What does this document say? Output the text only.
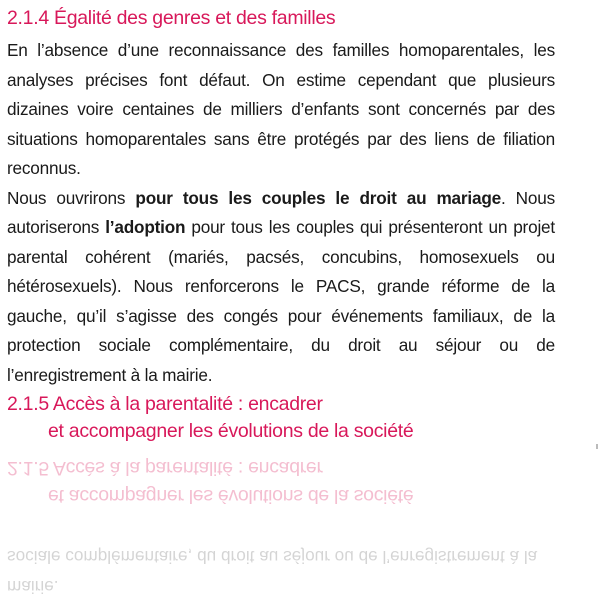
2.1.4 Égalité des genres et des familles

En l’absence d’une reconnaissance des familles homoparentales, les analyses précises font défaut. On estime cependant que plusieurs dizaines voire centaines de milliers d’enfants sont concernés par des situations homoparentales sans être protégés par des liens de filiation reconnus.

Nous ouvrirons pour tous les couples le droit au mariage. Nous autoriserons l’adoption pour tous les couples qui présenteront un projet parental cohérent (mariés, pacsés, concubins, homosexuels ou hétérosexuels). Nous renforcerons le PACS, grande réforme de la gauche, qu’il s’agisse des congés pour événements familiaux, de la protection sociale complémentaire, du droit au séjour ou de l’enregistrement à la mairie.

2.1.5 Accès à la parentalité : encadrer
et accompagner les évolutions de la société
et accompagner les évolutions de la société
2.1.5 Accès à la parentalité : encadrer
mairie.
sociale complémentaire, du droit au séjour ou de l’enregistrement à la
